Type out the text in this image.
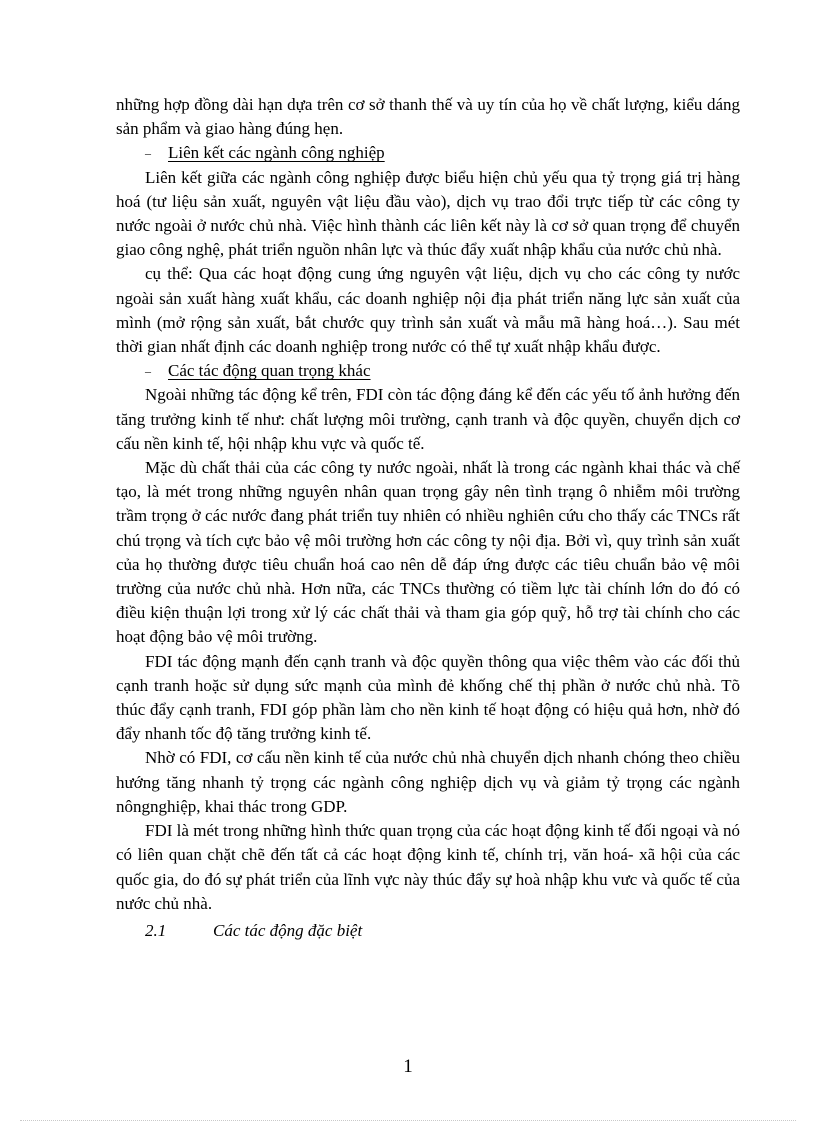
những hợp đồng dài hạn dựa trên cơ sở thanh thế và uy tín của họ về chất lượng, kiểu dáng sản phẩm và giao hàng đúng hẹn.

– Liên kết các ngành công nghiệp

Liên kết giữa các ngành công nghiệp được biểu hiện chủ yếu qua tỷ trọng giá trị hàng hoá (tư liệu sản xuất, nguyên vật liệu đầu vào), dịch vụ trao đổi trực tiếp từ các công ty nước ngoài ở nước chủ nhà. Việc hình thành các liên kết này là cơ sở quan trọng để chuyển giao công nghệ, phát triển nguồn nhân lực và thúc đẩy xuất nhập khẩu của nước chủ nhà.

cụ thể: Qua các hoạt động cung ứng nguyên vật liệu, dịch vụ cho các công ty nước ngoài sản xuất hàng xuất khẩu, các doanh nghiệp nội địa phát triển năng lực sản xuất của mình (mở rộng sản xuất, bắt chước quy trình sản xuất và mẫu mã hàng hoá…). Sau mét thời gian nhất định các doanh nghiệp trong nước có thể tự xuất nhập khẩu được.

– Các tác động quan trọng khác

Ngoài những tác động kể trên, FDI còn tác động đáng kể đến các yếu tố ảnh hưởng đến tăng trưởng kinh tế như: chất lượng môi trường, cạnh tranh và độc quyền, chuyển dịch cơ cấu nền kinh tế, hội nhập khu vực và quốc tế.

Mặc dù chất thải của các công ty nước ngoài, nhất là trong các ngành khai thác và chế tạo, là mét trong những nguyên nhân quan trọng gây nên tình trạng ô nhiễm môi trường trầm trọng ở các nước đang phát triển tuy nhiên có nhiều nghiên cứu cho thấy các TNCs rất chú trọng và tích cực bảo vệ môi trường hơn các công ty nội địa. Bởi vì, quy trình sản xuất của họ thường được tiêu chuẩn hoá cao nên dễ đáp ứng được các tiêu chuẩn bảo vệ môi trường của nước chủ nhà. Hơn nữa, các TNCs thường có tiềm lực tài chính lớn do đó có điều kiện thuận lợi trong xử lý các chất thải và tham gia góp quỹ, hỗ trợ tài chính cho các hoạt động bảo vệ môi trường.

FDI tác động mạnh đến cạnh tranh và độc quyền thông qua việc thêm vào các đối thủ cạnh tranh hoặc sử dụng sức mạnh của mình đẻ khống chế thị phần ở nước chủ nhà. Tõ thúc đẩy cạnh tranh, FDI góp phần làm cho nền kinh tế hoạt động có hiệu quả hơn, nhờ đó đẩy nhanh tốc độ tăng trưởng kinh tế.

Nhờ có FDI, cơ cấu nền kinh tế của nước chủ nhà chuyển dịch nhanh chóng theo chiều hướng tăng nhanh tỷ trọng các ngành công nghiệp dịch vụ và giảm tỷ trọng các ngành nôngnghiệp, khai thác trong GDP.

FDI là mét trong những hình thức quan trọng của các hoạt động kinh tế đối ngoại và nó có liên quan chặt chẽ đến tất cả các hoạt động kinh tế, chính trị, văn hoá- xã hội của các quốc gia, do đó sự phát triển của lĩnh vực này thúc đẩy sự hoà nhập khu vưc và quốc tế của nước chủ nhà.

2.1	Các tác động đặc biệt

1
